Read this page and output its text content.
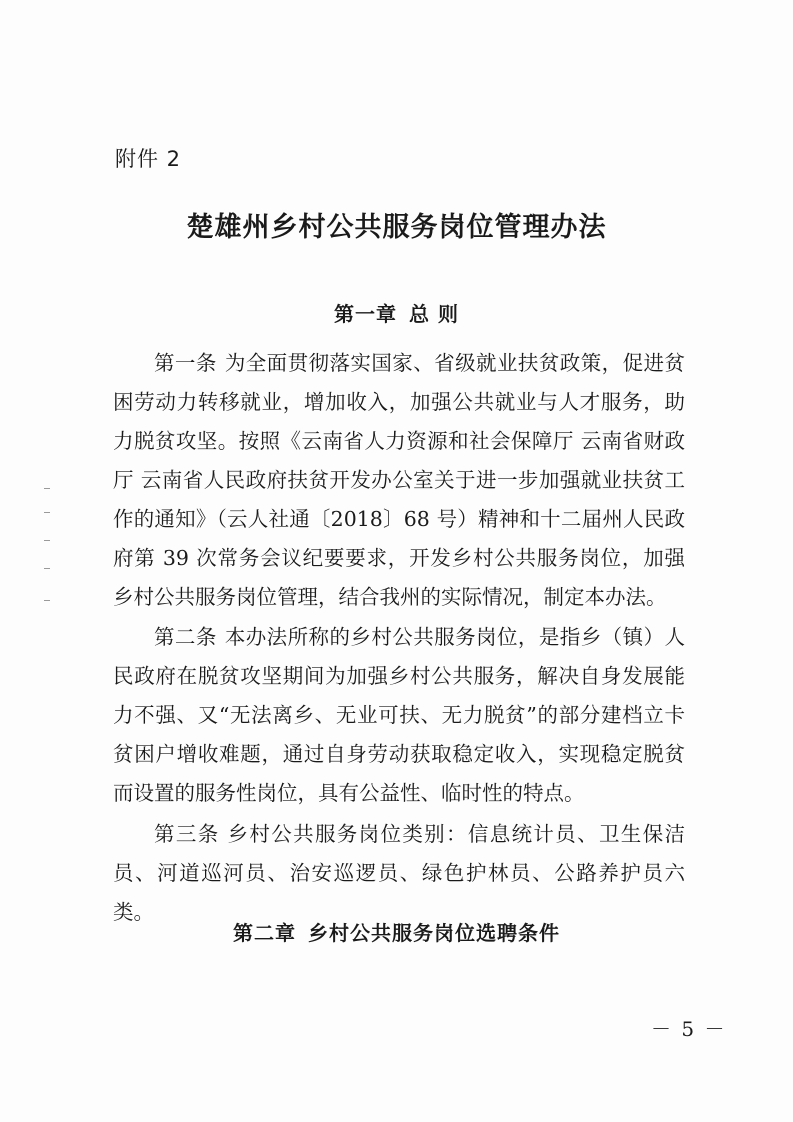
附件 2
楚雄州乡村公共服务岗位管理办法
第一章 总 则

第一条 为全面贯彻落实国家、省级就业扶贫政策，促进贫困劳动力转移就业，增加收入，加强公共就业与人才服务，助力脱贫攻坚。按照《云南省人力资源和社会保障厅 云南省财政厅 云南省人民政府扶贫开发办公室关于进一步加强就业扶贫工作的通知》（云人社通〔2018〕68 号）精神和十二届州人民政府第 39 次常务会议纪要要求，开发乡村公共服务岗位，加强乡村公共服务岗位管理，结合我州的实际情况，制定本办法。

第二条 本办法所称的乡村公共服务岗位，是指乡（镇）人民政府在脱贫攻坚期间为加强乡村公共服务，解决自身发展能力不强、又“无法离乡、无业可扶、无力脱贫”的部分建档立卡贫困户增收难题，通过自身劳动获取稳定收入，实现稳定脱贫而设置的服务性岗位，具有公益性、临时性的特点。

第三条 乡村公共服务岗位类别：信息统计员、卫生保洁员、河道巡河员、治安巡逻员、绿色护林员、公路养护员六类。

第二章 乡村公共服务岗位选聘条件
－ 5 －
